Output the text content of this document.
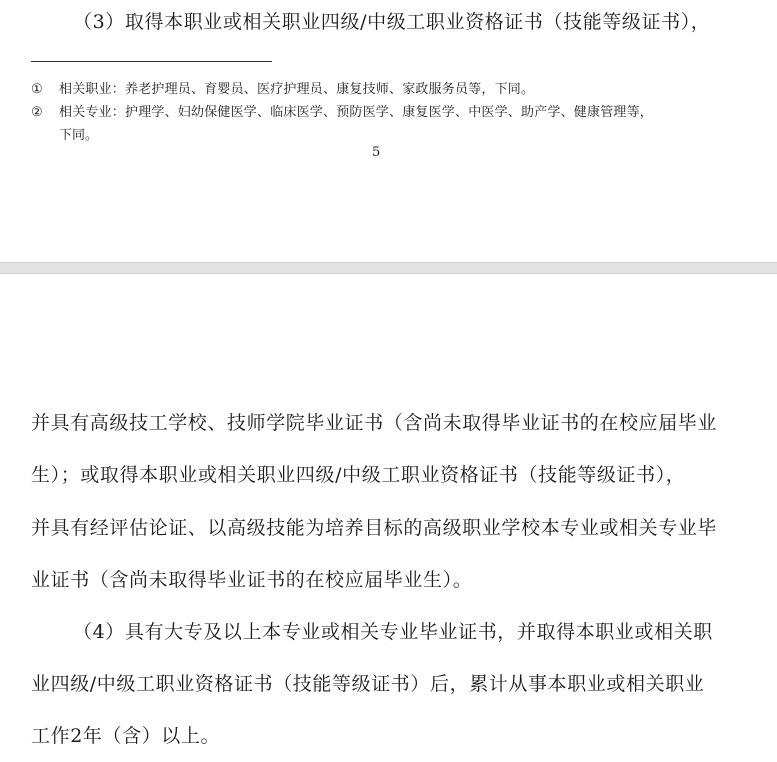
（3）取得本职业或相关职业四级/中级工职业资格证书（技能等级证书），
① 相关职业：养老护理员、育婴员、医疗护理员、康复技师、家政服务员等，下同。
② 相关专业：护理学、妇幼保健医学、临床医学、预防医学、康复医学、中医学、助产学、健康管理等，
下同。
5
并具有高级技工学校、技师学院毕业证书（含尚未取得毕业证书的在校应届毕业
生）；或取得本职业或相关职业四级/中级工职业资格证书（技能等级证书），
并具有经评估论证、以高级技能为培养目标的高级职业学校本专业或相关专业毕
业证书（含尚未取得毕业证书的在校应届毕业生）。
（4）具有大专及以上本专业或相关专业毕业证书，并取得本职业或相关职
业四级/中级工职业资格证书（技能等级证书）后，累计从事本职业或相关职业
工作2年（含）以上。
